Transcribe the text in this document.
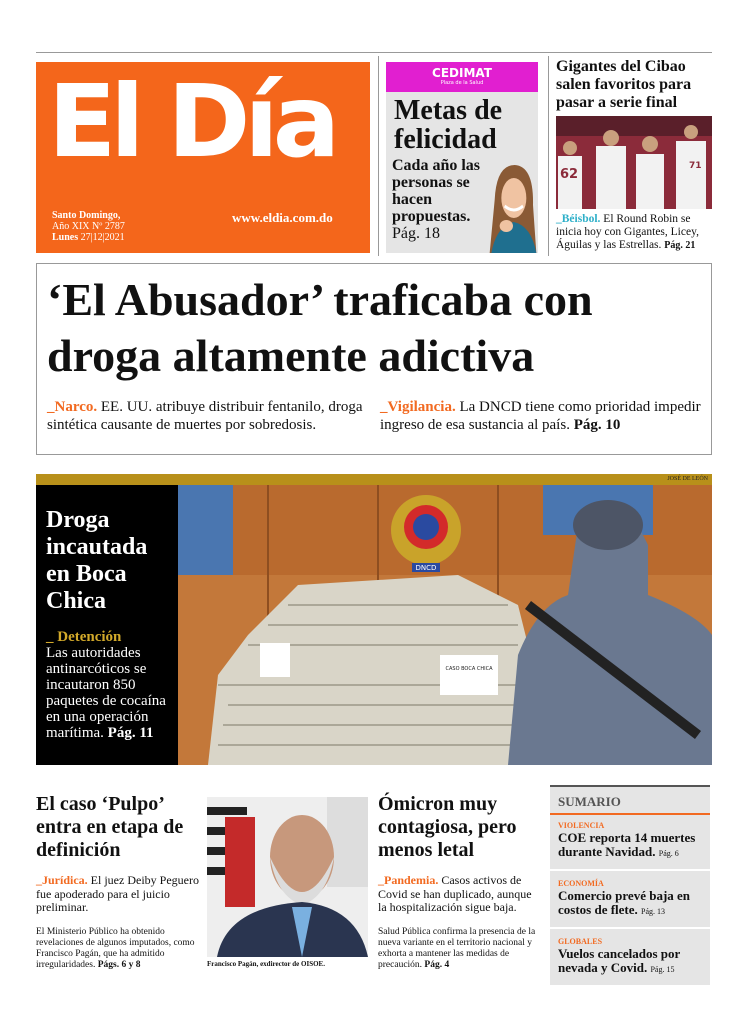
El Día
Santo Domingo,
Año XIX Nº 2787
Lunes 27|12|2021
www.eldia.com.do
CEDIMAT
Plaza de la Salud
Metas de felicidad

Cada año las personas se hacen propuestas.
Pág. 18

Gigantes del Cibao salen favoritos para pasar a serie final
62
71
_Béisbol. El Round Robin se inicia hoy con Gigantes, Licey, Águilas y las Estrellas. Pág. 21
‘El Abusador’ traficaba con
droga altamente adictiva
_Narco. EE. UU. atribuye distribuir fentanilo, droga sintética causante de muertes por sobredosis.
_Vigilancia. La DNCD tiene como prioridad impedir ingreso de esa sustancia al país. Pág. 10
JOSÉ DE LEÓN
Droga incautada en Boca Chica
_ Detención
Las autoridades antinarcóticos se incautaron 850 paquetes de cocaína en una operación marítima. Pág. 11
DNCD
CASO BOCA CHICA
El caso ‘Pulpo’ entra en etapa de definición
_Jurídica. El juez Deiby Peguero fue apoderado para el juicio preliminar.
El Ministerio Público ha obtenido revelaciones de algunos imputados, como Francisco Pagán, que ha admitido irregularidades. Págs. 6 y 8	Francisco Pagán, exdirector de OISOE.
Ómicron muy contagiosa, pero menos letal
_Pandemia. Casos activos de Covid se han duplicado, aunque la hospitalización sigue baja.
Salud Pública confirma la presencia de la nueva variante en el territorio nacional y exhorta a mantener las medidas de precaución. Pág. 4
SUMARIO
VIOLENCIA
COE reporta 14 muertes durante Navidad. Pág. 6
ECONOMÍA
Comercio prevé baja en costos de flete. Pág. 13
GLOBALES
Vuelos cancelados por nevada y Covid. Pág. 15
